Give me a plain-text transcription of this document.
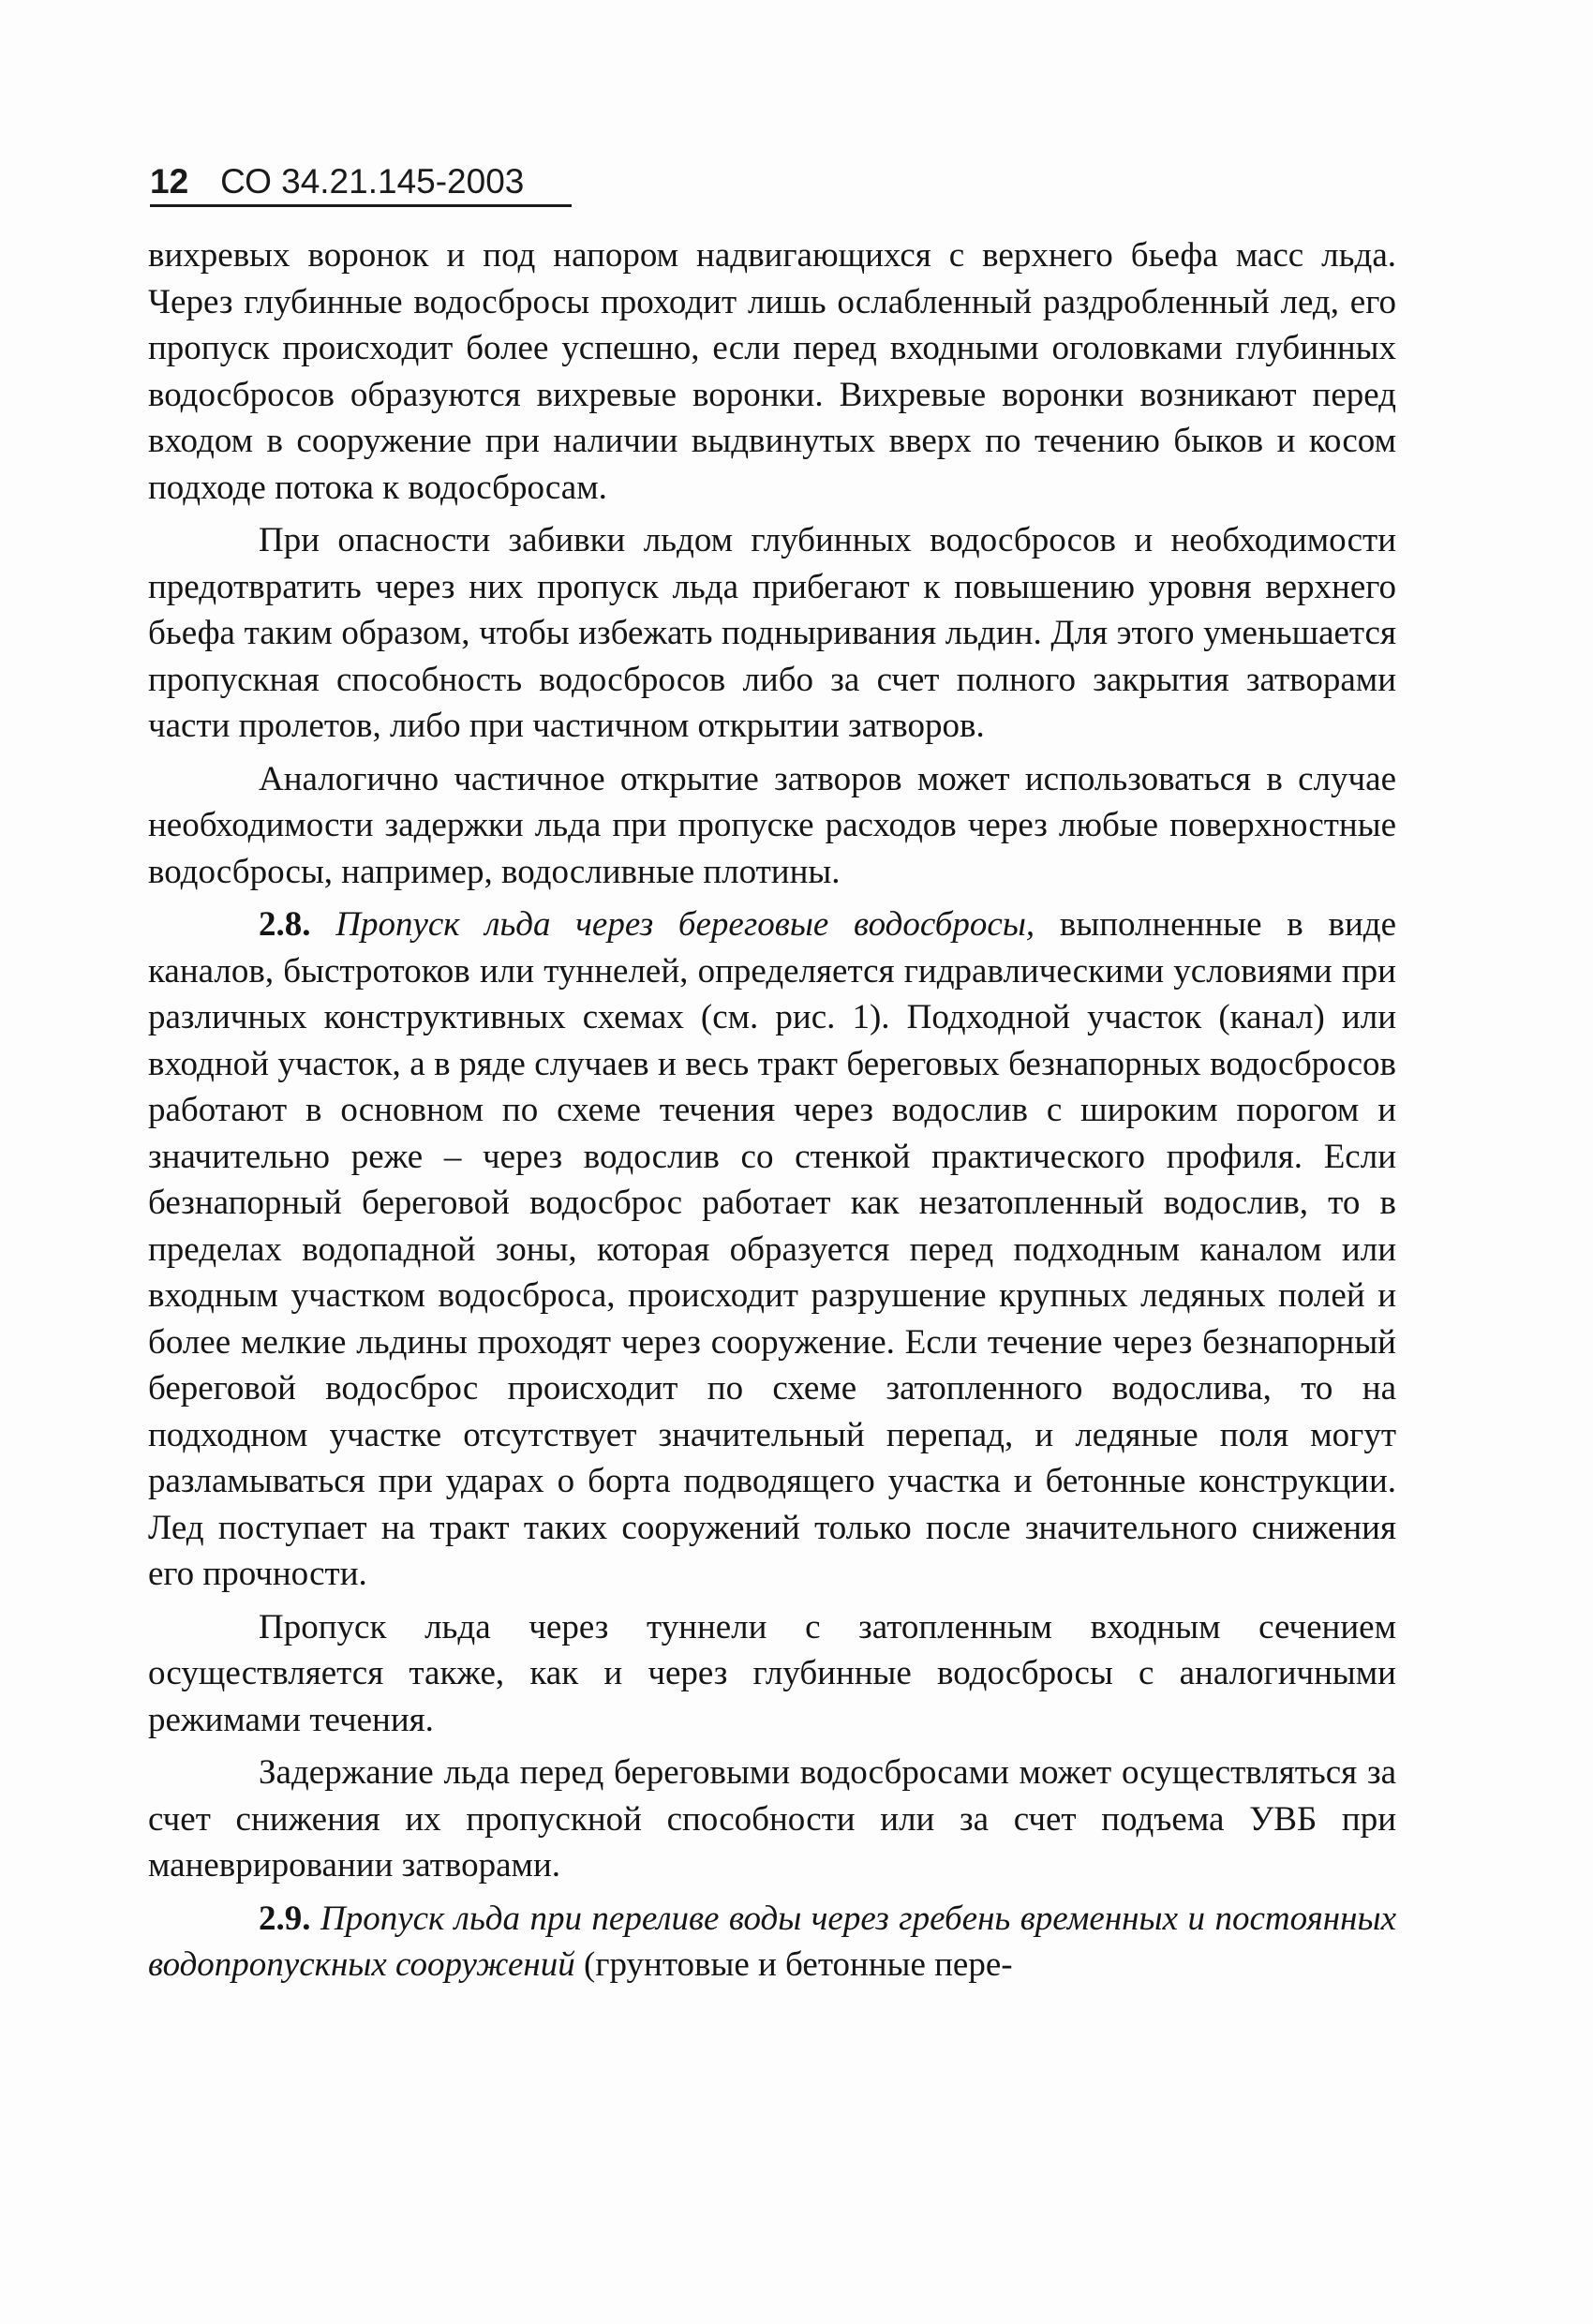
12 СО 34.21.145-2003

вихревых воронок и под напором надвигающихся с верхнего бьефа масс льда. Через глубинные водосбросы проходит лишь ослабленный раздробленный лед, его пропуск происходит более успешно, если перед входными оголовками глубинных водосбросов образуются вихревые воронки. Вихревые воронки возникают перед входом в сооружение при наличии выдвинутых вверх по течению быков и косом подходе потока к водосбросам.

При опасности забивки льдом глубинных водосбросов и необходимости предотвратить через них пропуск льда прибегают к повышению уровня верхнего бьефа таким образом, чтобы избежать подныривания льдин. Для этого уменьшается пропускная способность водосбросов либо за счет полного закрытия затворами части пролетов, либо при частичном открытии затворов.

Аналогично частичное открытие затворов может использоваться в случае необходимости задержки льда при пропуске расходов через любые поверхностные водосбросы, например, водосливные плотины.

2.8. Пропуск льда через береговые водосбросы, выполненные в виде каналов, быстротоков или туннелей, определяется гидравлическими условиями при различных конструктивных схемах (см. рис. 1). Подходной участок (канал) или входной участок, а в ряде случаев и весь тракт береговых безнапорных водосбросов работают в основном по схеме течения через водослив с широким порогом и значительно реже – через водослив со стенкой практического профиля. Если безнапорный береговой водосброс работает как незатопленный водослив, то в пределах водопадной зоны, которая образуется перед подходным каналом или входным участком водосброса, происходит разрушение крупных ледяных полей и более мелкие льдины проходят через сооружение. Если течение через безнапорный береговой водосброс происходит по схеме затопленного водослива, то на подходном участке отсутствует значительный перепад, и ледяные поля могут разламываться при ударах о борта подводящего участка и бетонные конструкции. Лед поступает на тракт таких сооружений только после значительного снижения его прочности.

Пропуск льда через туннели с затопленным входным сечением осуществляется также, как и через глубинные водосбросы с аналогичными режимами течения.

Задержание льда перед береговыми водосбросами может осуществляться за счет снижения их пропускной способности или за счет подъема УВБ при маневрировании затворами.

2.9. Пропуск льда при переливе воды через гребень временных и постоянных водопропускных сооружений (грунтовые и бетонные пере-
